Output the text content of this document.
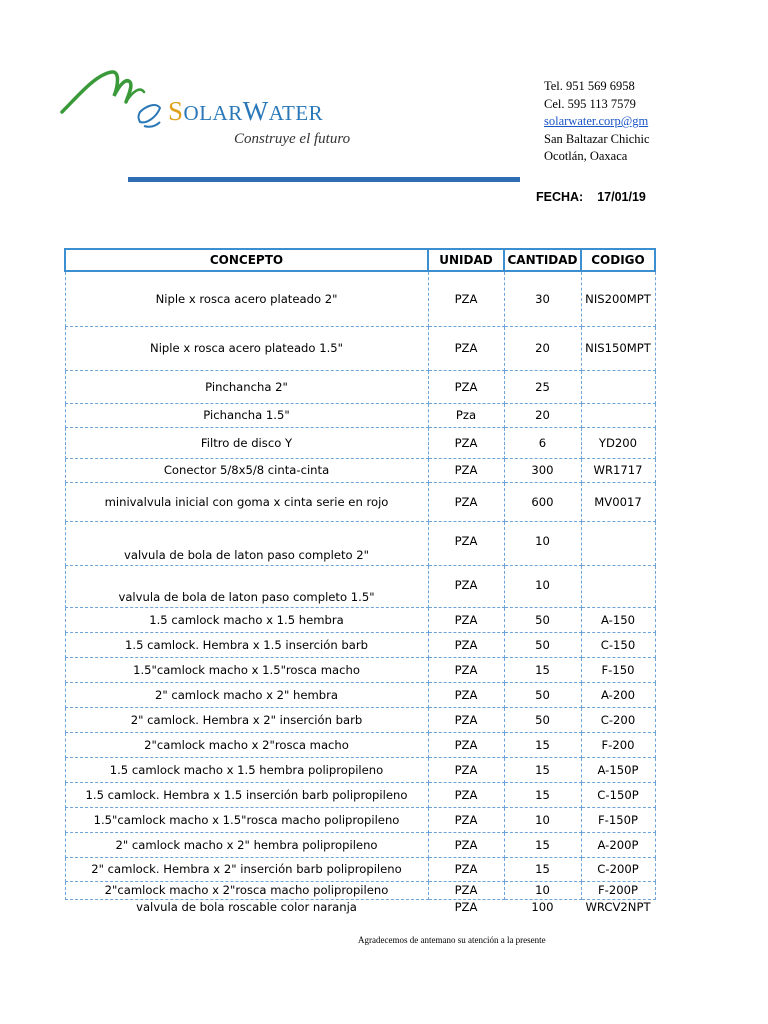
SOLARWATER
Construye el futuro
Tel. 951 569 6958
Cel. 595 113 7579
solarwater.corp@gm
San Baltazar Chichic
Ocotlán, Oaxaca
FECHA: 17/01/19
CONCEPTO	UNIDAD	CANTIDAD	CODIGO
Niple x rosca acero plateado 2"	PZA	30	NIS200MPT
Niple x rosca acero plateado 1.5"	PZA	20	NIS150MPT
Pinchancha 2"	PZA	25	
Pichancha 1.5"	Pza	20	
Filtro de disco Y	PZA	6	YD200
Conector 5/8x5/8 cinta-cinta	PZA	300	WR1717
minivalvula inicial con goma x cinta serie en rojo	PZA	600	MV0017
valvula de bola de laton paso completo 2"	PZA	10	
valvula de bola de laton paso completo 1.5"	PZA	10	
1.5 camlock macho x 1.5 hembra	PZA	50	A-150
1.5 camlock. Hembra x 1.5 inserción barb	PZA	50	C-150
1.5"camlock macho x 1.5"rosca macho	PZA	15	F-150
2" camlock macho x 2" hembra	PZA	50	A-200
2" camlock. Hembra x 2" inserción barb	PZA	50	C-200
2"camlock macho x 2"rosca macho	PZA	15	F-200
1.5 camlock macho x 1.5 hembra polipropileno	PZA	15	A-150P
1.5 camlock. Hembra x 1.5 inserción barb polipropileno	PZA	15	C-150P
1.5"camlock macho x 1.5"rosca macho polipropileno	PZA	10	F-150P
2" camlock macho x 2" hembra polipropileno	PZA	15	A-200P
2" camlock. Hembra x 2" inserción barb polipropileno	PZA	15	C-200P
2"camlock macho x 2"rosca macho polipropileno	PZA	10	F-200P
valvula de bola roscable color naranja	PZA	100	WRCV2NPT
Agradecemos de antemano su atención a la presente
